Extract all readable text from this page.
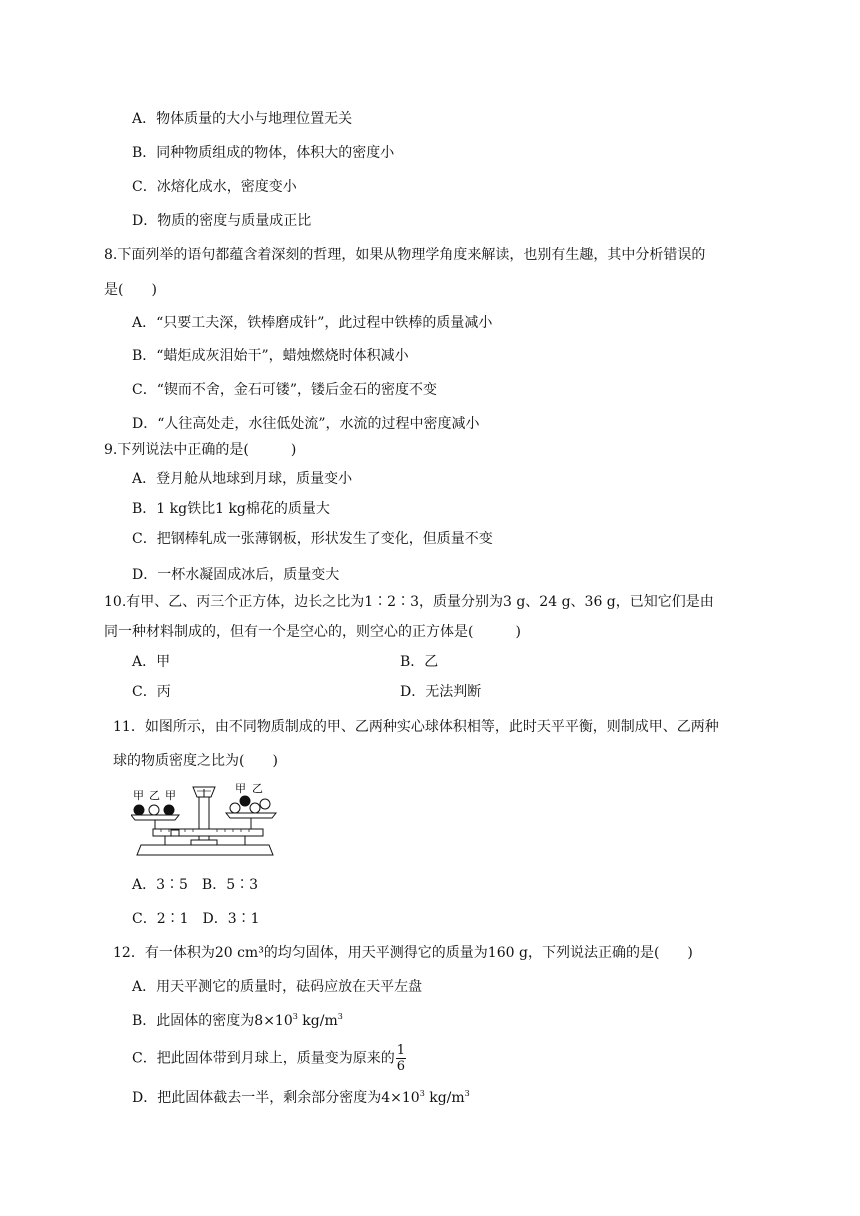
A．物体质量的大小与地理位置无关
B．同种物质组成的物体，体积大的密度小
C．冰熔化成水，密度变小
D．物质的密度与质量成正比
8.下面列举的语句都蕴含着深刻的哲理，如果从物理学角度来解读，也别有生趣，其中分析错误的
是(　　)
A．“只要工夫深，铁棒磨成针”，此过程中铁棒的质量减小
B．“蜡炬成灰泪始干”，蜡烛燃烧时体积减小
C．“锲而不舍，金石可镂”，镂后金石的密度不变
D．“人往高处走，水往低处流”，水流的过程中密度减小
9.下列说法中正确的是(　　　)
A．登月舱从地球到月球，质量变小
B．1 kg铁比1 kg棉花的质量大
C．把钢棒轧成一张薄钢板，形状发生了变化，但质量不变
D．一杯水凝固成冰后，质量变大
10.有甲、乙、丙三个正方体，边长之比为1∶2∶3，质量分别为3 g、24 g、36 g，已知它们是由
同一种材料制成的，但有一个是空心的，则空心的正方体是(　　　)
A．甲	B．乙
C．丙	D．无法判断
11．如图所示，由不同物质制成的甲、乙两种实心球体积相等，此时天平平衡，则制成甲、乙两种
球的物质密度之比为(　　)
甲 乙 甲
甲 乙
A．3∶5　B．5∶3
C．2∶1　D．3∶1
12．有一体积为20 cm³的均匀固体，用天平测得它的质量为160 g，下列说法正确的是(　　)
A．用天平测它的质量时，砝码应放在天平左盘
B．此固体的密度为$8\times 10^3$ $kg/m^3$
C．把此固体带到月球上，质量变为原来的 $\frac{1}{6}$
D．把此固体截去一半，剩余部分密度为$4\times 10^3$ $kg/m^3$
